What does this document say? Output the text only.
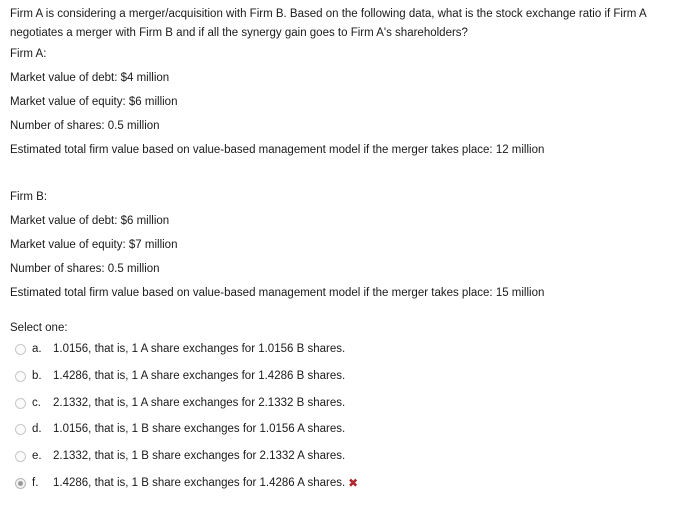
Firm A is considering a merger/acquisition with Firm B. Based on the following data, what is the stock exchange ratio if Firm A negotiates a merger with Firm B and if all the synergy gain goes to Firm A's shareholders?

Firm A:

Market value of debt: $4 million

Market value of equity: $6 million

Number of shares: 0.5 million

Estimated total firm value based on value-based management model if the merger takes place: 12 million

Firm B:

Market value of debt: $6 million

Market value of equity: $7 million

Number of shares: 0.5 million

Estimated total firm value based on value-based management model if the merger takes place: 15 million

Select one:

a. 1.0156, that is, 1 A share exchanges for 1.0156 B shares.
b. 1.4286, that is, 1 A share exchanges for 1.4286 B shares.
c.	2.1332, that is, 1 A share exchanges for 2.1332 B shares.
d. 1.0156, that is, 1 B share exchanges for 1.0156 A shares.
e. 2.1332, that is, 1 B share exchanges for 2.1332 A shares.
f.	1.4286, that is, 1 B share exchanges for 1.4286 A shares. ✖
